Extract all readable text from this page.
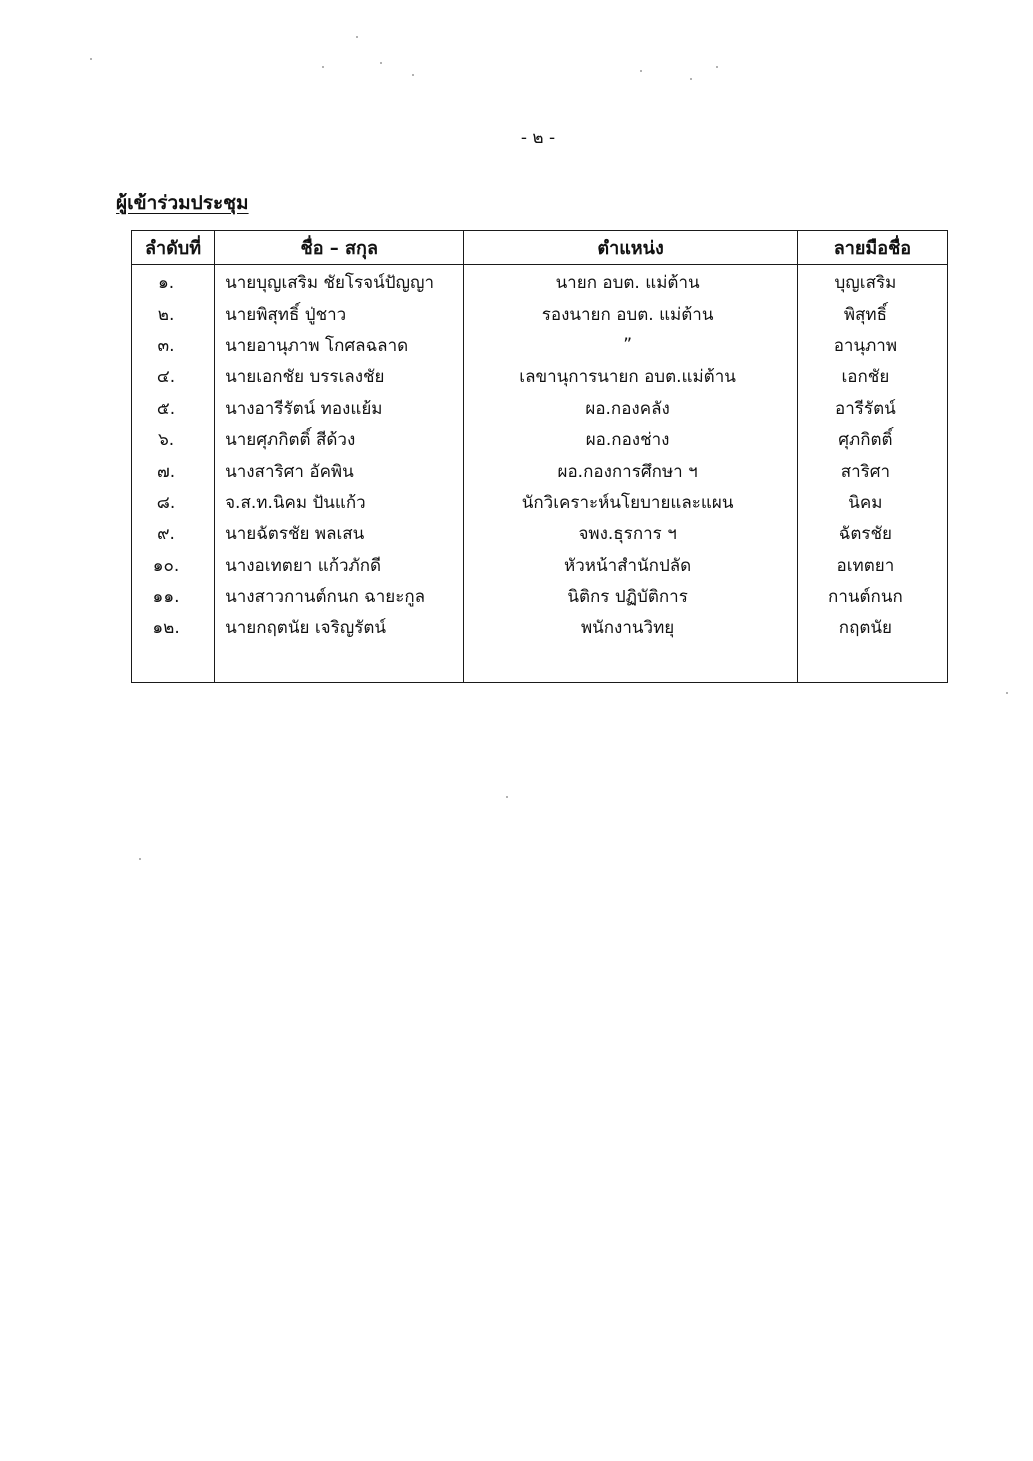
- ๒ -
ผู้เข้าร่วมประชุม
ลำดับที่	ชื่อ – สกุล	ตำแหน่ง	ลายมือชื่อ
๑.	นายบุญเสริม ชัยโรจน์ปัญญา	นายก อบต. แม่ต้าน	บุญเสริม
๒.	นายพิสุทธิ์ ปู่ชาว	รองนายก อบต. แม่ต้าน	พิสุทธิ์
๓.	นายอานุภาพ โกศลฉลาด	”	อานุภาพ
๔.	นายเอกชัย บรรเลงชัย	เลขานุการนายก อบต.แม่ต้าน	เอกชัย
๕.	นางอารีรัตน์ ทองแย้ม	ผอ.กองคลัง	อารีรัตน์
๖.	นายศุภกิตติ์ สีด้วง	ผอ.กองช่าง	ศุภกิตติ์
๗.	นางสาริศา อัคพิน	ผอ.กองการศึกษา ฯ	สาริศา
๘.	จ.ส.ท.นิคม ปันแก้ว	นักวิเคราะห์นโยบายและแผน	นิคม
๙.	นายฉัตรชัย พลเสน	จพง.ธุรการ ฯ	ฉัตรชัย
๑๐.	นางอเทตยา แก้วภักดี	หัวหน้าสำนักปลัด	อเทตยา
๑๑.	นางสาวกานต์กนก ฉายะกูล	นิติกร ปฏิบัติการ	กานต์กนก
๑๒.	นายกฤตนัย เจริญรัตน์	พนักงานวิทยุ	กฤตนัย
